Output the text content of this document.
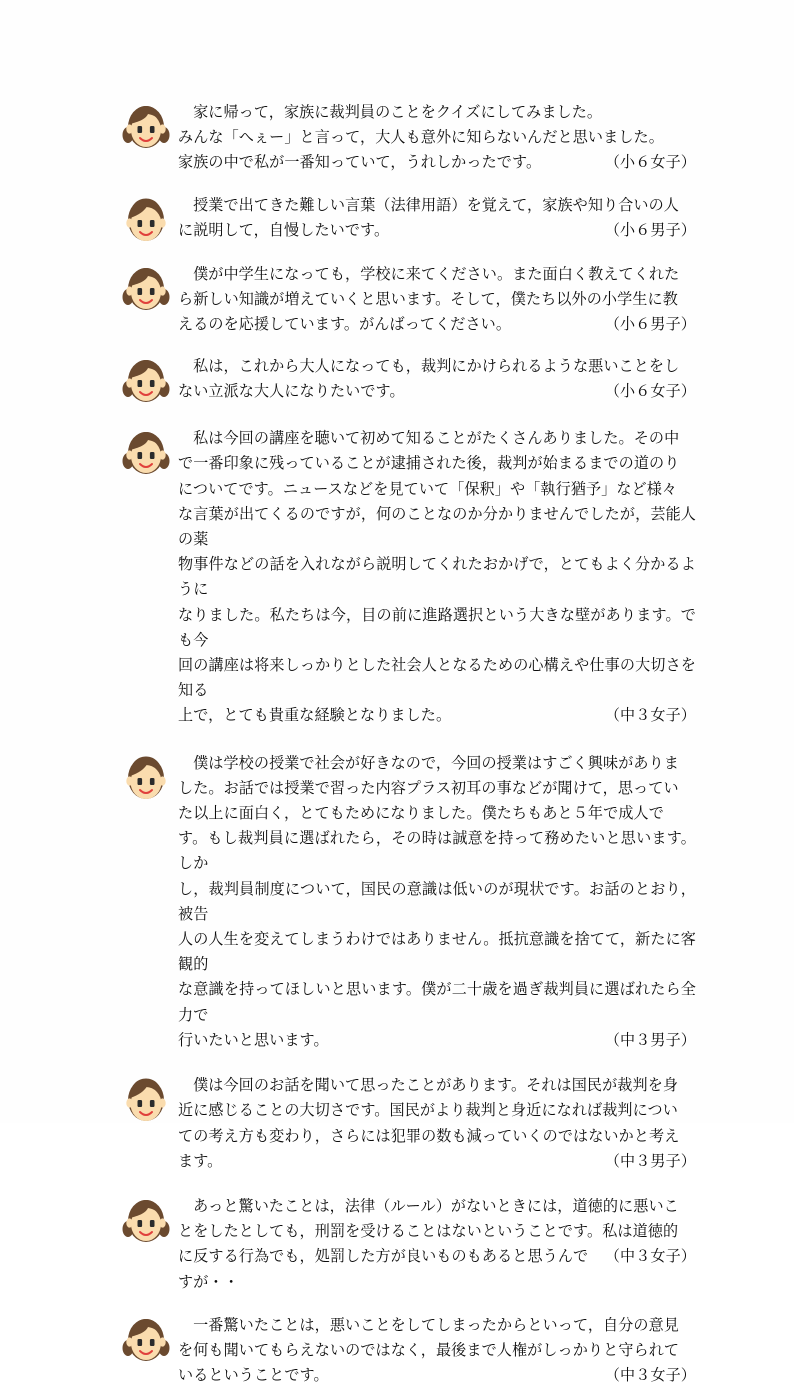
家に帰って，家族に裁判員のことをクイズにしてみました。

みんな「へぇー」と言って，大人も意外に知らないんだと思いました。

家族の中で私が一番知っていて，うれしかったです。	（小６女子）

授業で出てきた難しい言葉（法律用語）を覚えて，家族や知り合いの人

に説明して，自慢したいです。	（小６男子）

僕が中学生になっても，学校に来てください。また面白く教えてくれた

ら新しい知識が増えていくと思います。そして，僕たち以外の小学生に教

えるのを応援しています。がんばってください。	（小６男子）

私は，これから大人になっても，裁判にかけられるような悪いことをし

ない立派な大人になりたいです。	（小６女子）

私は今回の講座を聴いて初めて知ることがたくさんありました。その中

で一番印象に残っていることが逮捕された後，裁判が始まるまでの道のり

についてです。ニュースなどを見ていて「保釈」や「執行猶予」など様々

な言葉が出てくるのですが，何のことなのか分かりませんでしたが，芸能人の薬

物事件などの話を入れながら説明してくれたおかげで，とてもよく分かるように

なりました。私たちは今，目の前に進路選択という大きな壁があります。でも今

回の講座は将来しっかりとした社会人となるための心構えや仕事の大切さを知る

上で，とても貴重な経験となりました。	（中３女子）

僕は学校の授業で社会が好きなので，今回の授業はすごく興味がありま

した。お話では授業で習った内容プラス初耳の事などが聞けて，思ってい

た以上に面白く，とてもためになりました。僕たちもあと５年で成人で

す。もし裁判員に選ばれたら，その時は誠意を持って務めたいと思います。しか

し，裁判員制度について，国民の意識は低いのが現状です。お話のとおり，被告

人の人生を変えてしまうわけではありません。抵抗意識を捨てて，新たに客観的

な意識を持ってほしいと思います。僕が二十歳を過ぎ裁判員に選ばれたら全力で

行いたいと思います。	（中３男子）

僕は今回のお話を聞いて思ったことがあります。それは国民が裁判を身

近に感じることの大切さです。国民がより裁判と身近になれば裁判につい

ての考え方も変わり，さらには犯罪の数も減っていくのではないかと考え

ます。	（中３男子）

あっと驚いたことは，法律（ルール）がないときには，道徳的に悪いこ

とをしたとしても，刑罰を受けることはないということです。私は道徳的

に反する行為でも，処罰した方が良いものもあると思うんですが・・

（中３女子）

一番驚いたことは，悪いことをしてしまったからといって，自分の意見

を何も聞いてもらえないのではなく，最後まで人権がしっかりと守られて

いるということです。	（中３女子）
